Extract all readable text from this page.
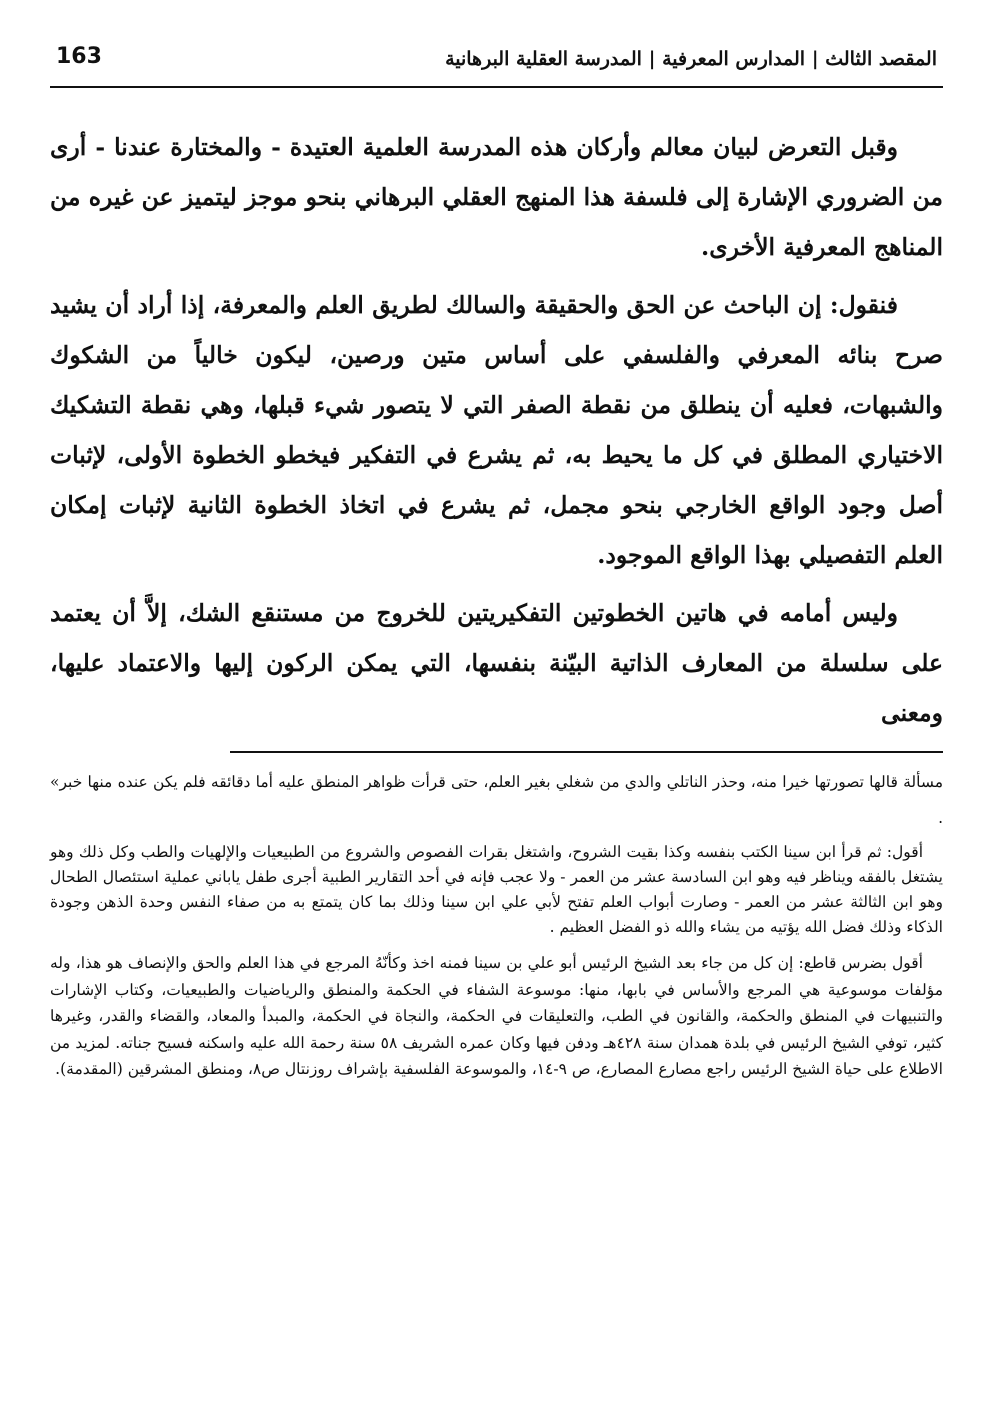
163	المقصد الثالث | المدارس المعرفية | المدرسة العقلية البرهانية

وقبل التعرض لبيان معالم وأركان هذه المدرسة العلمية العتيدة - والمختارة عندنا - أرى من الضروري الإشارة إلى فلسفة هذا المنهج العقلي البرهاني بنحو موجز ليتميز عن غيره من المناهج المعرفية الأخرى.

فنقول: إن الباحث عن الحق والحقيقة والسالك لطريق العلم والمعرفة، إذا أراد أن يشيد صرح بنائه المعرفي والفلسفي على أساس متين ورصين، ليكون خالياً من الشكوك والشبهات، فعليه أن ينطلق من نقطة الصفر التي لا يتصور شيء قبلها، وهي نقطة التشكيك الاختياري المطلق في كل ما يحيط به، ثم يشرع في التفكير فيخطو الخطوة الأولى، لإثبات أصل وجود الواقع الخارجي بنحو مجمل، ثم يشرع في اتخاذ الخطوة الثانية لإثبات إمكان العلم التفصيلي بهذا الواقع الموجود.

وليس أمامه في هاتين الخطوتين التفكيريتين للخروج من مستنقع الشك، إلاَّ أن يعتمد على سلسلة من المعارف الذاتية البيّنة بنفسها، التي يمكن الركون إليها والاعتماد عليها، ومعنى

مسألة قالها تصورتها خيرا منه، وحذر الناتلي والدي من شغلي بغير العلم، حتى قرأت ظواهر المنطق عليه أما دقائقه فلم يكن عنده منها خبر» .

أقول: ثم قرأ ابن سينا الكتب بنفسه وكذا بقيت الشروح، واشتغل بقرات الفصوص والشروع من الطبيعيات والإلهيات والطب وكل ذلك وهو يشتغل بالفقه ويناظر فيه وهو ابن السادسة عشر من العمر - ولا عجب فإنه في أحد التقارير الطبية أجرى طفل ياباني عملية استئصال الطحال وهو ابن الثالثة عشر من العمر - وصارت أبواب العلم تفتح لأبي علي ابن سينا وذلك بما كان يتمتع به من صفاء النفس وحدة الذهن وجودة الذكاء وذلك فضل الله يؤتيه من يشاء والله ذو الفضل العظيم .

أقول بضرس قاطع: إن كل من جاء بعد الشيخ الرئيس أبو علي بن سينا فمنه اخذ وكأنّهُ المرجع في هذا العلم والحق والإنصاف هو هذا، وله مؤلفات موسوعية هي المرجع والأساس في بابها، منها: موسوعة الشفاء في الحكمة والمنطق والرياضيات والطبيعيات، وكتاب الإشارات والتنبيهات في المنطق والحكمة، والقانون في الطب، والتعليقات في الحكمة، والنجاة في الحكمة، والمبدأ والمعاد، والقضاء والقدر، وغيرها كثير، توفي الشيخ الرئيس في بلدة همدان سنة ٤٢٨هـ ودفن فيها وكان عمره الشريف ٥٨ سنة رحمة الله عليه واسكنه فسيح جناته. لمزيد من الاطلاع على حياة الشيخ الرئيس راجع مصارع المصارع، ص ٩-١٤، والموسوعة الفلسفية بإشراف روزنتال ص٨، ومنطق المشرقين (المقدمة).
